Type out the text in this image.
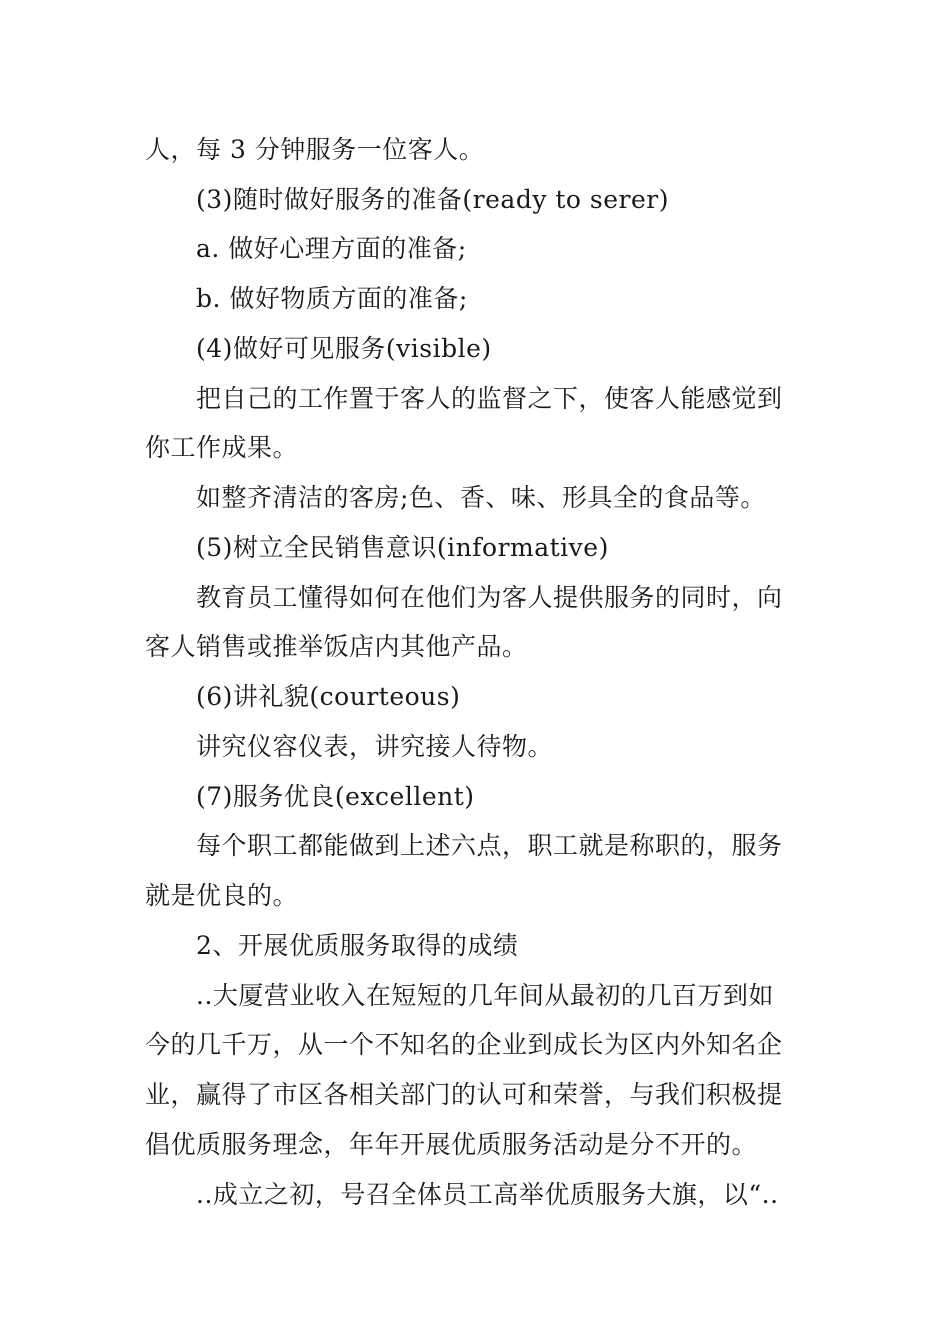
人，每 3 分钟服务一位客人。
(3)随时做好服务的准备(ready to serer)
a. 做好心理方面的准备;
b. 做好物质方面的准备;
(4)做好可见服务(visible)
把自己的工作置于客人的监督之下，使客人能感觉到
你工作成果。
如整齐清洁的客房;色、香、味、形具全的食品等。
(5)树立全民销售意识(informative)
教育员工懂得如何在他们为客人提供服务的同时，向
客人销售或推举饭店内其他产品。
(6)讲礼貌(courteous)
讲究仪容仪表，讲究接人待物。
(7)服务优良(excellent)
每个职工都能做到上述六点，职工就是称职的，服务
就是优良的。
2、开展优质服务取得的成绩
..大厦营业收入在短短的几年间从最初的几百万到如
今的几千万，从一个不知名的企业到成长为区内外知名企
业，赢得了市区各相关部门的认可和荣誉，与我们积极提
倡优质服务理念，年年开展优质服务活动是分不开的。
..成立之初，号召全体员工高举优质服务大旗，以“..
